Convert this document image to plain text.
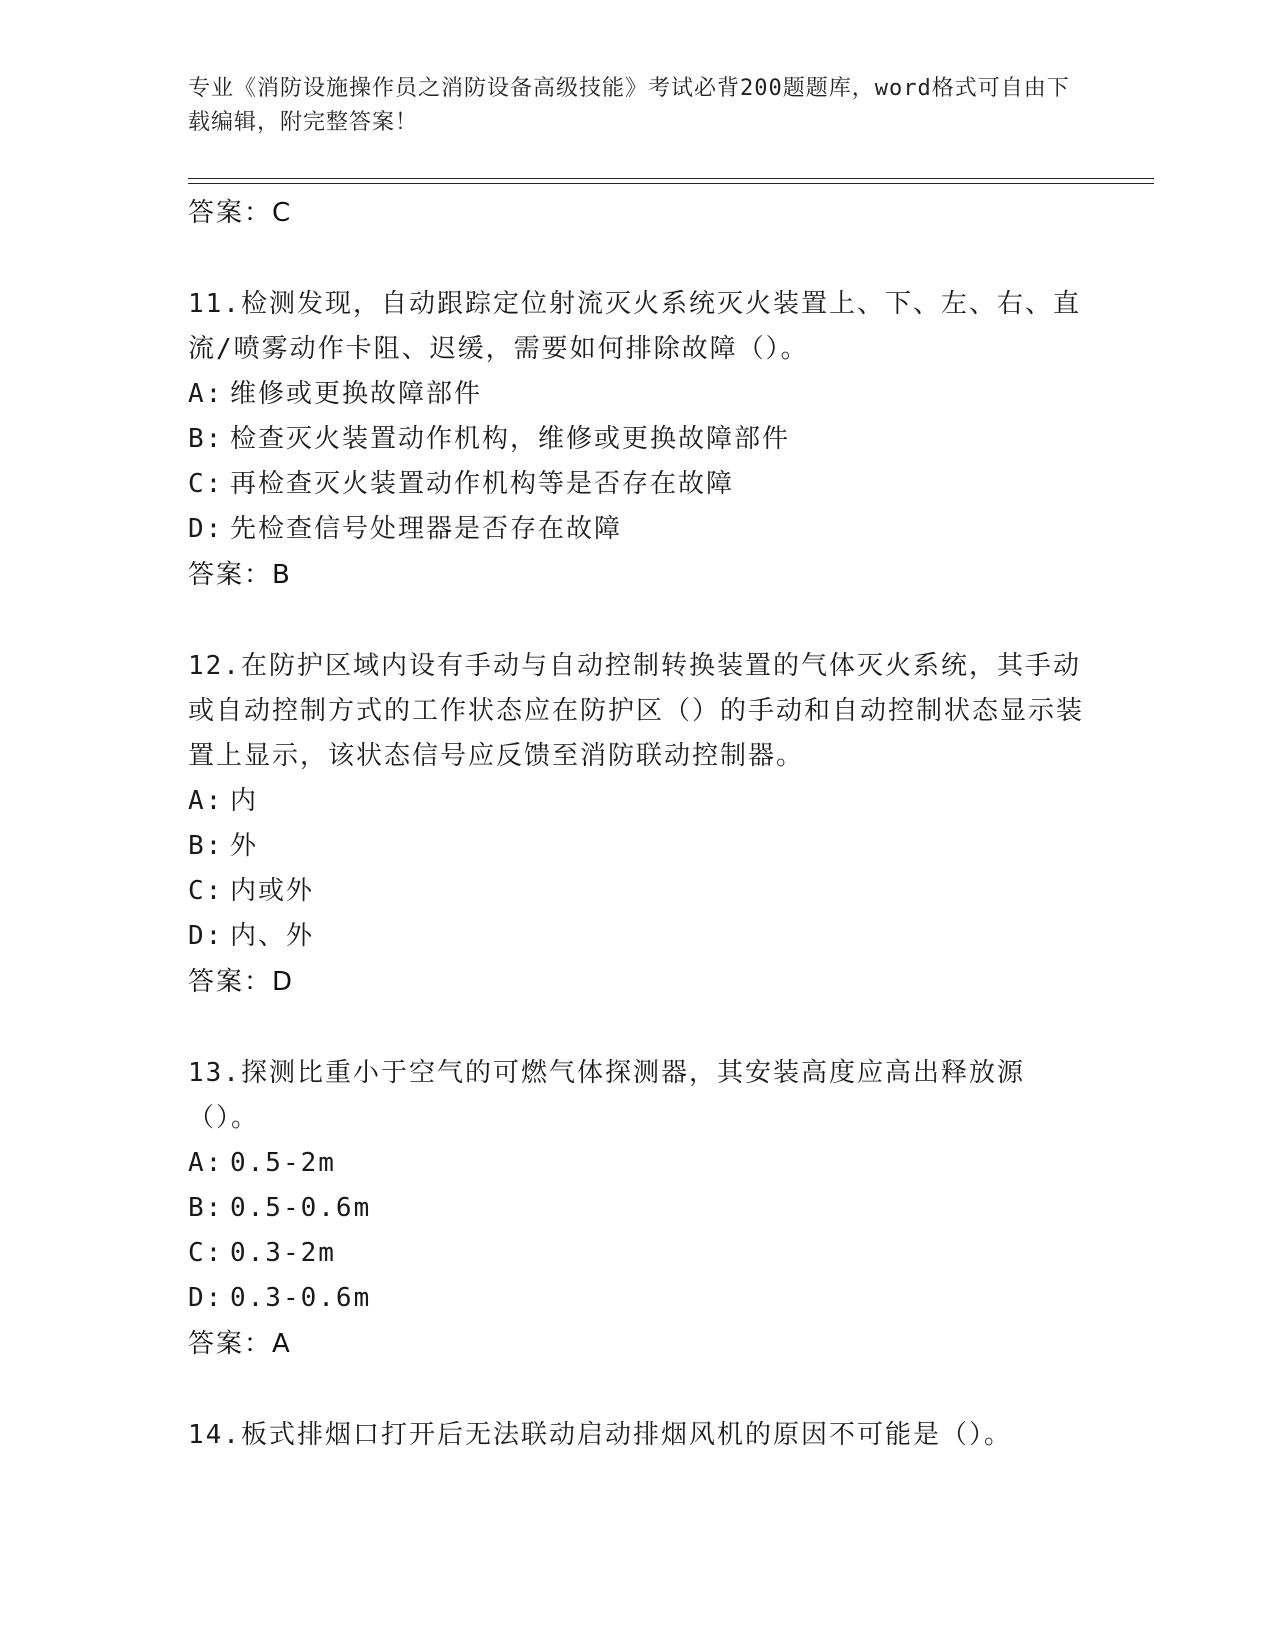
专业《消防设施操作员之消防设备高级技能》考试必背200题题库，word格式可自由下载编辑，附完整答案！
答案：C

11.检测发现，自动跟踪定位射流灭火系统灭火装置上、下、左、右、直流/喷雾动作卡阻、迟缓，需要如何排除故障（）。

A: 维修或更换故障部件
B: 检查灭火装置动作机构，维修或更换故障部件
C: 再检查灭火装置动作机构等是否存在故障
D: 先检查信号处理器是否存在故障
答案：B

12.在防护区域内设有手动与自动控制转换装置的气体灭火系统，其手动或自动控制方式的工作状态应在防护区（）的手动和自动控制状态显示装置上显示，该状态信号应反馈至消防联动控制器。

A: 内
B: 外
C: 内或外
D: 内、外
答案：D

13.探测比重小于空气的可燃气体探测器，其安装高度应高出释放源（）。

A: 0.5-2m
B: 0.5-0.6m
C: 0.3-2m
D: 0.3-0.6m
答案：A

14.板式排烟口打开后无法联动启动排烟风机的原因不可能是（）。
